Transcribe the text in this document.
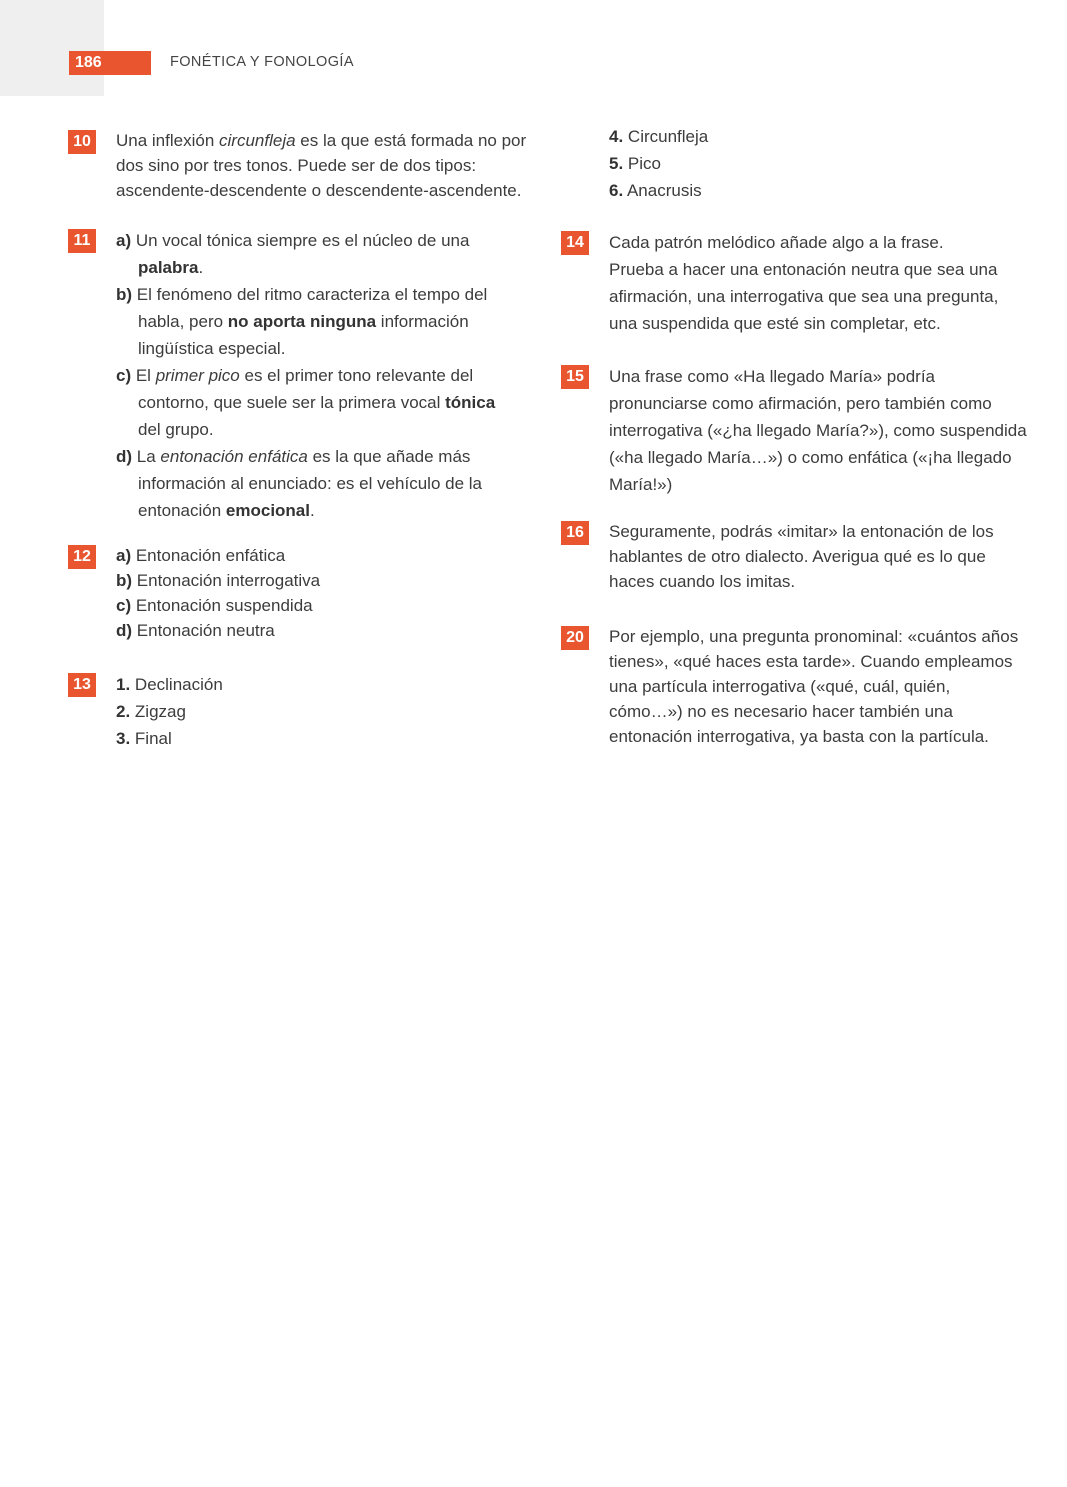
186	FONÉTICA Y FONOLOGÍA
10	Una inflexión circunfleja es la que está formada no por
dos sino por tres tonos. Puede ser de dos tipos:
ascendente-descendente o descendente-ascendente.
11	a) Un vocal tónica siempre es el núcleo de una
palabra.
b) El fenómeno del ritmo caracteriza el tempo del
habla, pero no aporta ninguna información
lingüística especial.
c) El primer pico es el primer tono relevante del
contorno, que suele ser la primera vocal tónica
del grupo.
d) La entonación enfática es la que añade más
información al enunciado: es el vehículo de la
entonación emocional.
12	a) Entonación enfática
b) Entonación interrogativa
c) Entonación suspendida
d) Entonación neutra
13	1. Declinación
2. Zigzag
3. Final
4. Circunfleja
5. Pico
6. Anacrusis
14	Cada patrón melódico añade algo a la frase.
Prueba a hacer una entonación neutra que sea una
afirmación, una interrogativa que sea una pregunta,
una suspendida que esté sin completar, etc.
15	Una frase como «Ha llegado María» podría
pronunciarse como afirmación, pero también como
interrogativa («¿ha llegado María?»), como suspendida
(«ha llegado María…») o como enfática («¡ha llegado
María!»)
16	Seguramente, podrás «imitar» la entonación de los
hablantes de otro dialecto. Averigua qué es lo que
haces cuando los imitas.
20	Por ejemplo, una pregunta pronominal: «cuántos años
tienes», «qué haces esta tarde». Cuando empleamos
una partícula interrogativa («qué, cuál, quién,
cómo…») no es necesario hacer también una
entonación interrogativa, ya basta con la partícula.
